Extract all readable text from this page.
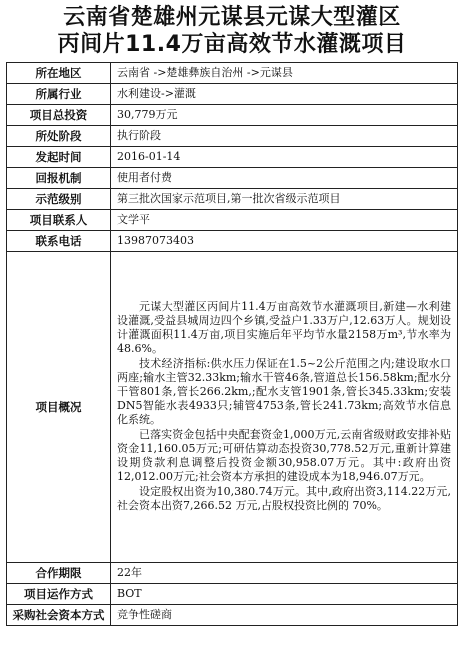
云南省楚雄州元谋县元谋大型灌区
丙间片11.4万亩高效节水灌溉项目
所在地区	云南省 ->楚雄彝族自治州 ->元谋县
所属行业	水利建设->灌溉
项目总投资	30,779万元
所处阶段	执行阶段
发起时间	2016-01-14
回报机制	使用者付费
示范级别	第三批次国家示范项目,第一批次省级示范项目
项目联系人	文学平
联系电话	13987073403
项目概况	元谋大型灌区丙间片11.4万亩高效节水灌溉项目,新建—水利建设灌溉,受益县城周边四个乡镇,受益户1.33万户,12.63万人。规划设计灌溉面积11.4万亩,项目实施后年平均节水量2158万m³,节水率为48.6%。

技术经济指标:供水压力保证在1.5~2公斤范围之内;建设取水口两座;输水主管32.33km;输水干管46条,管道总长156.58km;配水分干管801条,管长266.2km,;配水支管1901条,管长345.33km;安装DN5智能水表4933只;辅管4753条,管长241.73km;高效节水信息化系统。

已落实资金包括中央配套资金1,000万元,云南省级财政安排补贴资金11,160.05万元;可研估算动态投资30,778.52万元,重新计算建设期贷款利息调整后投资金额30,958.07万元。其中:政府出资12,012.00万元;社会资本方承担的建设成本为18,946.07万元。

设定股权出资为10,380.74万元。其中,政府出资3,114.22万元,社会资本出资7,266.52 万元,占股权投资比例的 70%。

合作期限	22年
项目运作方式	BOT
采购社会资本方式	竞争性磋商
